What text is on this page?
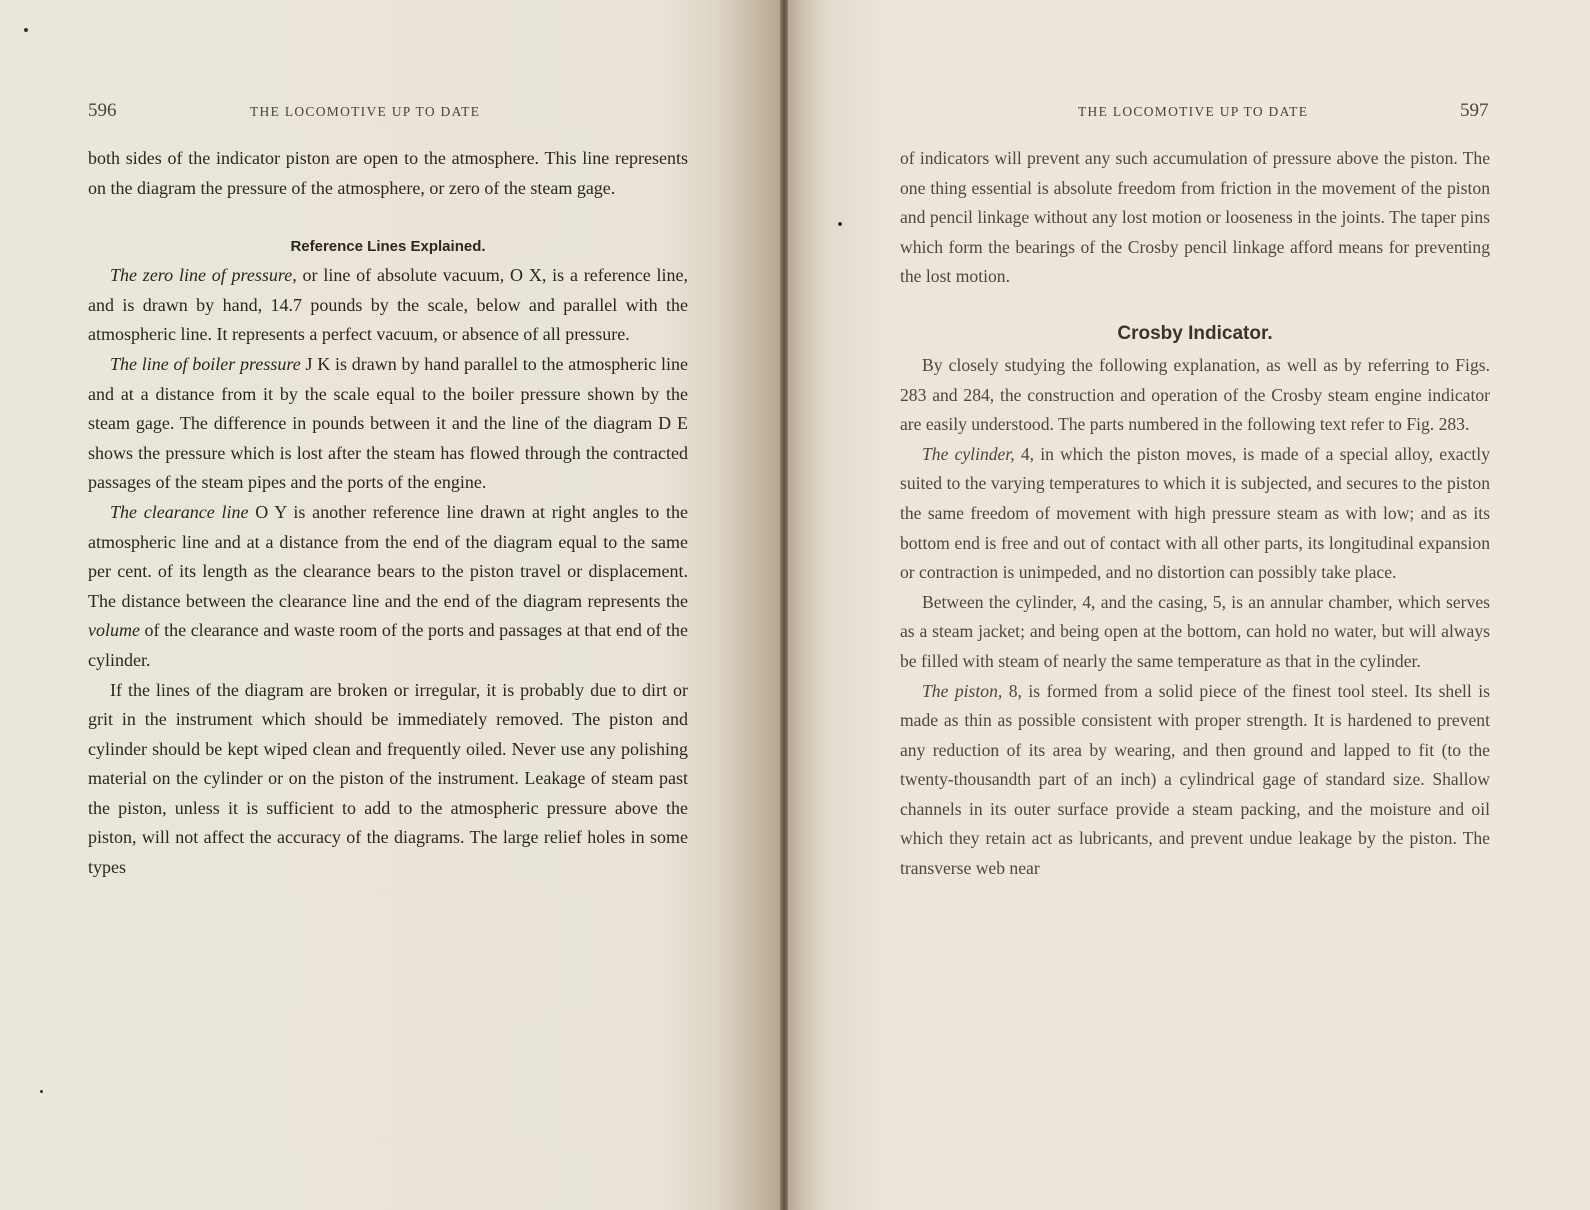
596	THE LOCOMOTIVE UP TO DATE

both sides of the indicator piston are open to the atmosphere. This line represents on the diagram the pressure of the atmosphere, or zero of the steam gage.

Reference Lines Explained.

The zero line of pressure, or line of absolute vacuum, O X, is a reference line, and is drawn by hand, 14.7 pounds by the scale, below and parallel with the atmospheric line. It represents a perfect vacuum, or absence of all pressure.

The line of boiler pressure J K is drawn by hand parallel to the atmospheric line and at a distance from it by the scale equal to the boiler pressure shown by the steam gage. The difference in pounds between it and the line of the diagram D E shows the pressure which is lost after the steam has flowed through the contracted passages of the steam pipes and the ports of the engine.

The clearance line O Y is another reference line drawn at right angles to the atmospheric line and at a distance from the end of the diagram equal to the same per cent. of its length as the clearance bears to the piston travel or displacement. The distance between the clearance line and the end of the diagram represents the volume of the clearance and waste room of the ports and passages at that end of the cylinder.

If the lines of the diagram are broken or irregular, it is probably due to dirt or grit in the instrument which should be immediately removed. The piston and cylinder should be kept wiped clean and frequently oiled. Never use any polishing material on the cylinder or on the piston of the instrument. Leakage of steam past the piston, unless it is sufficient to add to the atmospheric pressure above the piston, will not affect the accuracy of the diagrams. The large relief holes in some types

THE LOCOMOTIVE UP TO DATE	597

of indicators will prevent any such accumulation of pressure above the piston. The one thing essential is absolute freedom from friction in the movement of the piston and pencil linkage without any lost motion or looseness in the joints. The taper pins which form the bearings of the Crosby pencil linkage afford means for preventing the lost motion.

Crosby Indicator.

By closely studying the following explanation, as well as by referring to Figs. 283 and 284, the construction and operation of the Crosby steam engine indicator are easily understood. The parts numbered in the following text refer to Fig. 283.

The cylinder, 4, in which the piston moves, is made of a special alloy, exactly suited to the varying temperatures to which it is subjected, and secures to the piston the same freedom of movement with high pressure steam as with low; and as its bottom end is free and out of contact with all other parts, its longitudinal expansion or contraction is unimpeded, and no distortion can possibly take place.

Between the cylinder, 4, and the casing, 5, is an annular chamber, which serves as a steam jacket; and being open at the bottom, can hold no water, but will always be filled with steam of nearly the same temperature as that in the cylinder.

The piston, 8, is formed from a solid piece of the finest tool steel. Its shell is made as thin as possible consistent with proper strength. It is hardened to prevent any reduction of its area by wearing, and then ground and lapped to fit (to the twenty-thousandth part of an inch) a cylindrical gage of standard size. Shallow channels in its outer surface provide a steam packing, and the moisture and oil which they retain act as lubricants, and prevent undue leakage by the piston. The transverse web near
